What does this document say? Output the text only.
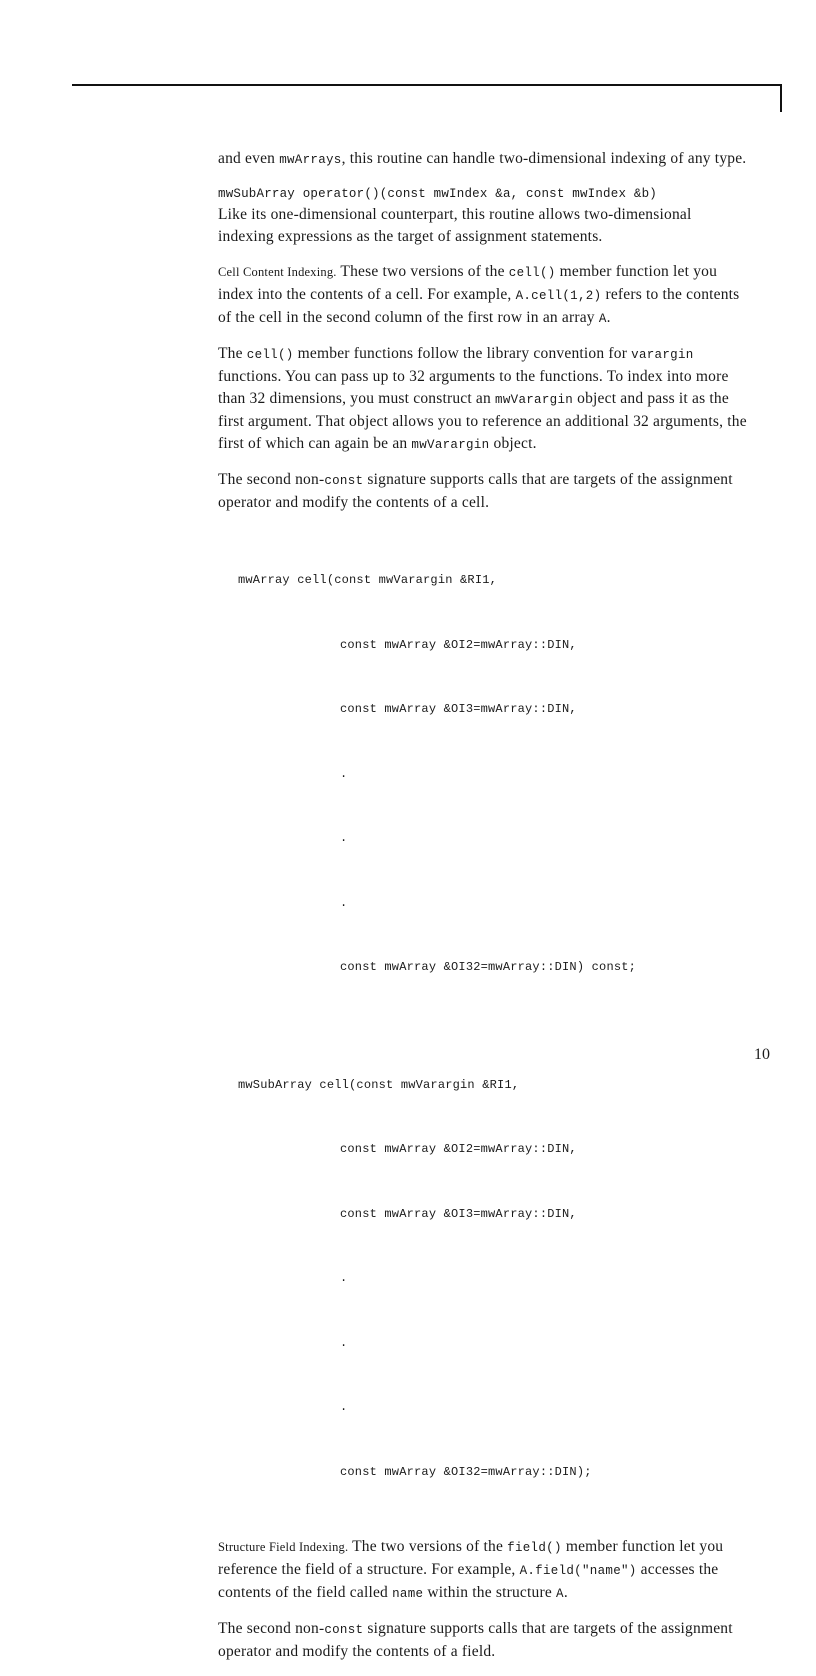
and even mwArrays, this routine can handle two-dimensional indexing of any type.

mwSubArray operator()(const mwIndex &a, const mwIndex &b)

Like its one-dimensional counterpart, this routine allows two-dimensional indexing expressions as the target of assignment statements.

Cell Content Indexing. These two versions of the cell() member function let you index into the contents of a cell. For example, A.cell(1,2) refers to the contents of the cell in the second column of the first row in an array A.

The cell() member functions follow the library convention for varargin functions. You can pass up to 32 arguments to the functions. To index into more than 32 dimensions, you must construct an mwVarargin object and pass it as the first argument. That object allows you to reference an additional 32 arguments, the first of which can again be an mwVarargin object.

The second non-const signature supports calls that are targets of the assignment operator and modify the contents of a cell.

mwArray cell(const mwVarargin &RI1,

const mwArray &OI2=mwArray::DIN,

const mwArray &OI3=mwArray::DIN,

.

.

.

const mwArray &OI32=mwArray::DIN) const;

mwSubArray cell(const mwVarargin &RI1,

const mwArray &OI2=mwArray::DIN,

const mwArray &OI3=mwArray::DIN,

.

.

.

const mwArray &OI32=mwArray::DIN);

Structure Field Indexing. The two versions of the field() member function let you reference the field of a structure. For example, A.field("name") accesses the contents of the field called name within the structure A.

The second non-const signature supports calls that are targets of the assignment operator and modify the contents of a field.

10
